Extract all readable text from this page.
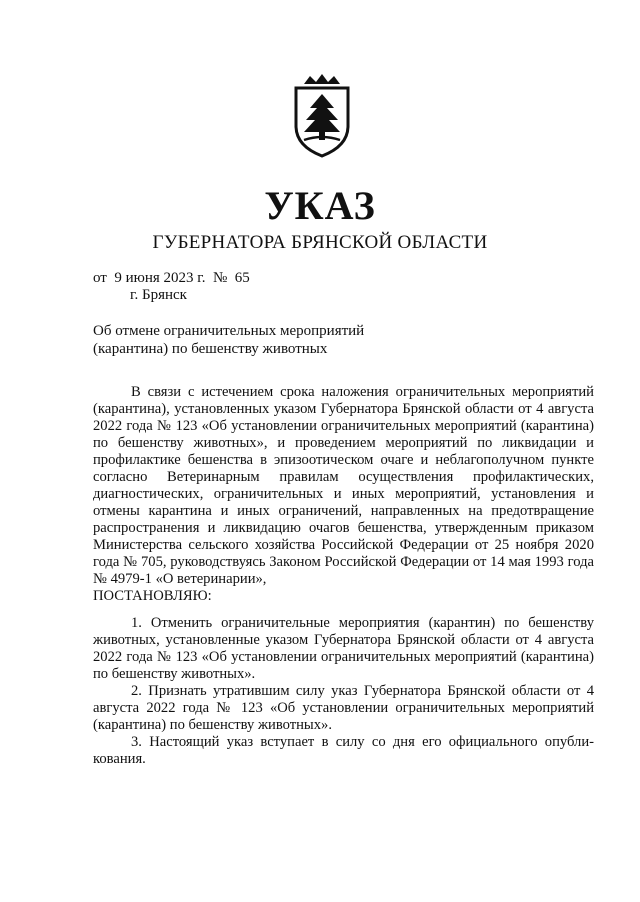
УКАЗ
ГУБЕРНАТОРА БРЯНСКОЙ ОБЛАСТИ
от  9 июня 2023 г.  №  65
г. Брянск
Об отмене ограничительных мероприятий
(карантина) по бешенству животных

В связи с истечением срока наложения ограничительных мероприятий (карантина), установленных указом Губернатора Брянской области от 4 августа 2022 года № 123 «Об установлении ограничительных мероприятий (карантина) по бешенству животных», и проведением мероприятий по ликвидации и профилактике бешенства в эпизоотическом очаге и неблагополучном пункте согласно Ветеринарным правилам осуществления профилактических, диагностических, ограничительных и иных мероприятий, установления и отмены карантина и иных ограничений, направленных на предотвращение распространения и ликвидацию очагов бешенства, утвержденным приказом Министерства сельского хозяйства Российской Федерации от 25 ноября 2020 года № 705, руководствуясь Законом Российской Федерации от 14 мая 1993 года № 4979-1 «О ветеринарии»,

ПОСТАНОВЛЯЮ:

1. Отменить ограничительные мероприятия (карантин) по бешенству животных, установленные указом Губернатора Брянской области от 4 августа 2022 года № 123 «Об установлении ограничительных мероприятий (карантина) по бешенству животных».

2. Признать утратившим силу указ Губернатора Брянской области от 4 августа 2022 года № 123 «Об установлении ограничительных мероприятий (карантина) по бешенству животных».

3. Настоящий указ вступает в силу со дня его официального опубли-кования.
